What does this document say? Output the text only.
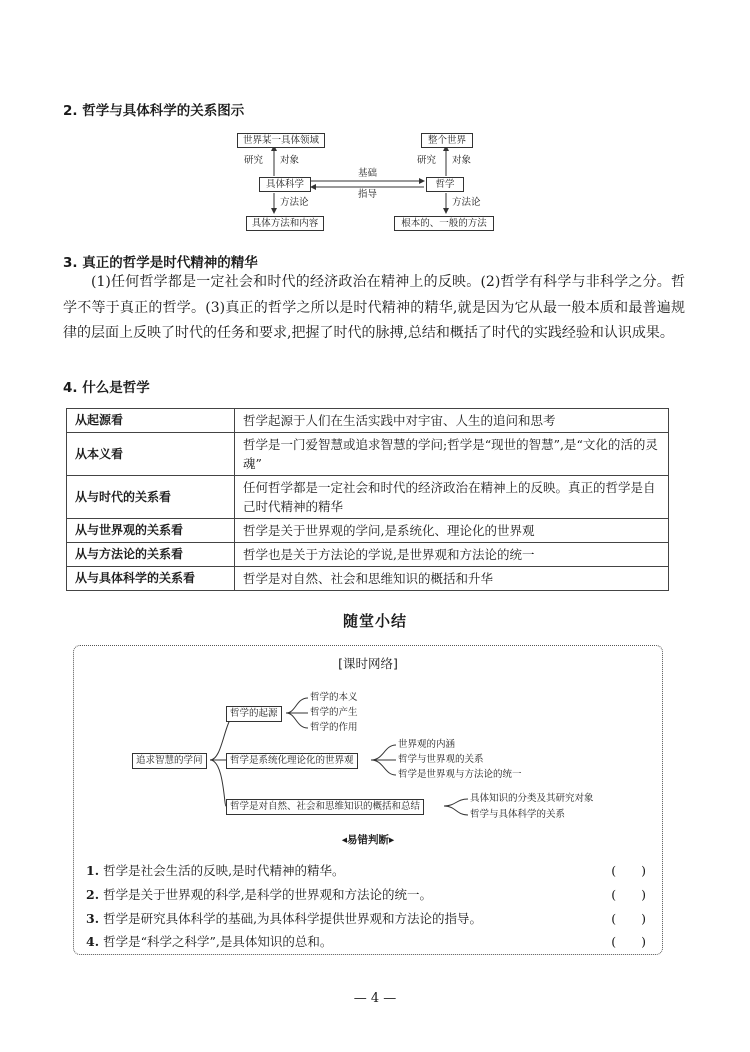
2. 哲学与具体科学的关系图示
世界某一具体领域	整个世界
研究 对象	研究 对象
具体科学	哲学
基础
指导
方法论	方法论
具体方法和内容	根本的、一般的方法
3. 真正的哲学是时代精神的精华

(1)任何哲学都是一定社会和时代的经济政治在精神上的反映。(2)哲学有科学与非科学之分。哲学不等于真正的哲学。(3)真正的哲学之所以是时代精神的精华,就是因为它从最一般本质和最普遍规律的层面上反映了时代的任务和要求,把握了时代的脉搏,总结和概括了时代的实践经验和认识成果。

4. 什么是哲学
从起源看	哲学起源于人们在生活实践中对宇宙、人生的追问和思考
从本义看	哲学是一门爱智慧或追求智慧的学问;哲学是“现世的智慧”,是“文化的活的灵魂”
从与时代的关系看	任何哲学都是一定社会和时代的经济政治在精神上的反映。真正的哲学是自己时代精神的精华
从与世界观的关系看	哲学是关于世界观的学问,是系统化、理论化的世界观
从与方法论的关系看	哲学也是关于方法论的学说,是世界观和方法论的统一
从与具体科学的关系看	哲学是对自然、社会和思维知识的概括和升华
随堂小结
[课时网络]
追求智慧的学问
哲学的起源
哲学的本义
哲学的产生
哲学的作用
哲学是系统化理论化的世界观
世界观的内涵
哲学与世界观的关系
哲学是世界观与方法论的统一
哲学是对自然、社会和思维知识的概括和总结
具体知识的分类及其研究对象
哲学与具体科学的关系
◂易错判断▸
1. 哲学是社会生活的反映,是时代精神的精华。	(　　)
2. 哲学是关于世界观的科学,是科学的世界观和方法论的统一。	(　　)
3. 哲学是研究具体科学的基础,为具体科学提供世界观和方法论的指导。	(　　)
4. 哲学是“科学之科学”,是具体知识的总和。	(　　)
— 4 —
